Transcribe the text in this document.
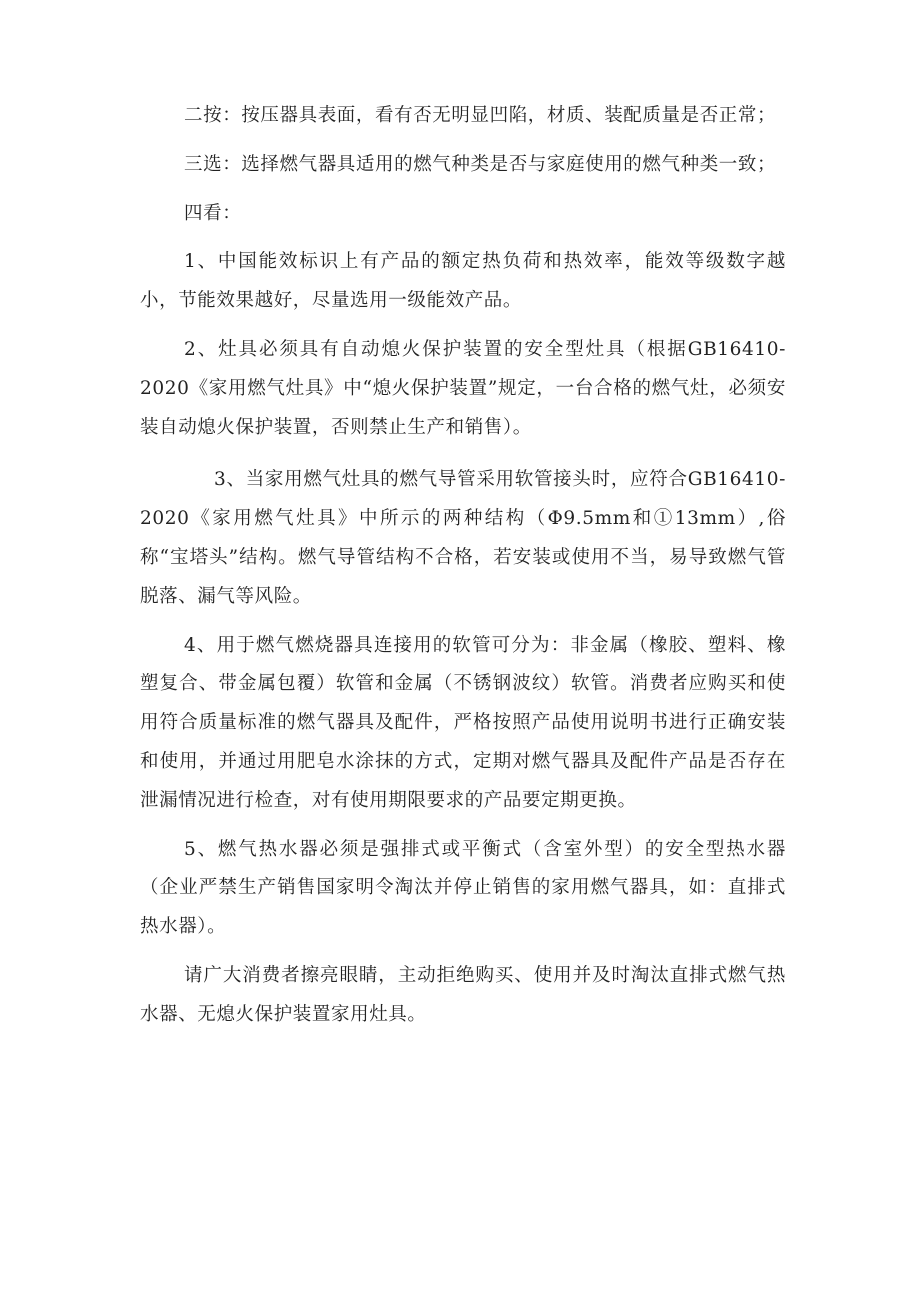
二按：按压器具表面，看有否无明显凹陷，材质、装配质量是否正常；

三选：选择燃气器具适用的燃气种类是否与家庭使用的燃气种类一致；

四看：

1、中国能效标识上有产品的额定热负荷和热效率，能效等级数字越小，节能效果越好，尽量选用一级能效产品。

2、灶具必须具有自动熄火保护装置的安全型灶具（根据GB16410-2020《家用燃气灶具》中“熄火保护装置”规定，一台合格的燃气灶，必须安装自动熄火保护装置，否则禁止生产和销售）。

3、当家用燃气灶具的燃气导管采用软管接头时，应符合GB16410-2020《家用燃气灶具》中所示的两种结构（Φ9.5mm和①13mm）,俗称“宝塔头”结构。燃气导管结构不合格，若安装或使用不当，易导致燃气管脱落、漏气等风险。

4、用于燃气燃烧器具连接用的软管可分为：非金属（橡胶、塑料、橡塑复合、带金属包覆）软管和金属（不锈钢波纹）软管。消费者应购买和使用符合质量标准的燃气器具及配件，严格按照产品使用说明书进行正确安装和使用，并通过用肥皂水涂抹的方式，定期对燃气器具及配件产品是否存在泄漏情况进行检查，对有使用期限要求的产品要定期更换。

5、燃气热水器必须是强排式或平衡式（含室外型）的安全型热水器（企业严禁生产销售国家明令淘汰并停止销售的家用燃气器具，如：直排式热水器）。

请广大消费者擦亮眼睛，主动拒绝购买、使用并及时淘汰直排式燃气热水器、无熄火保护装置家用灶具。
